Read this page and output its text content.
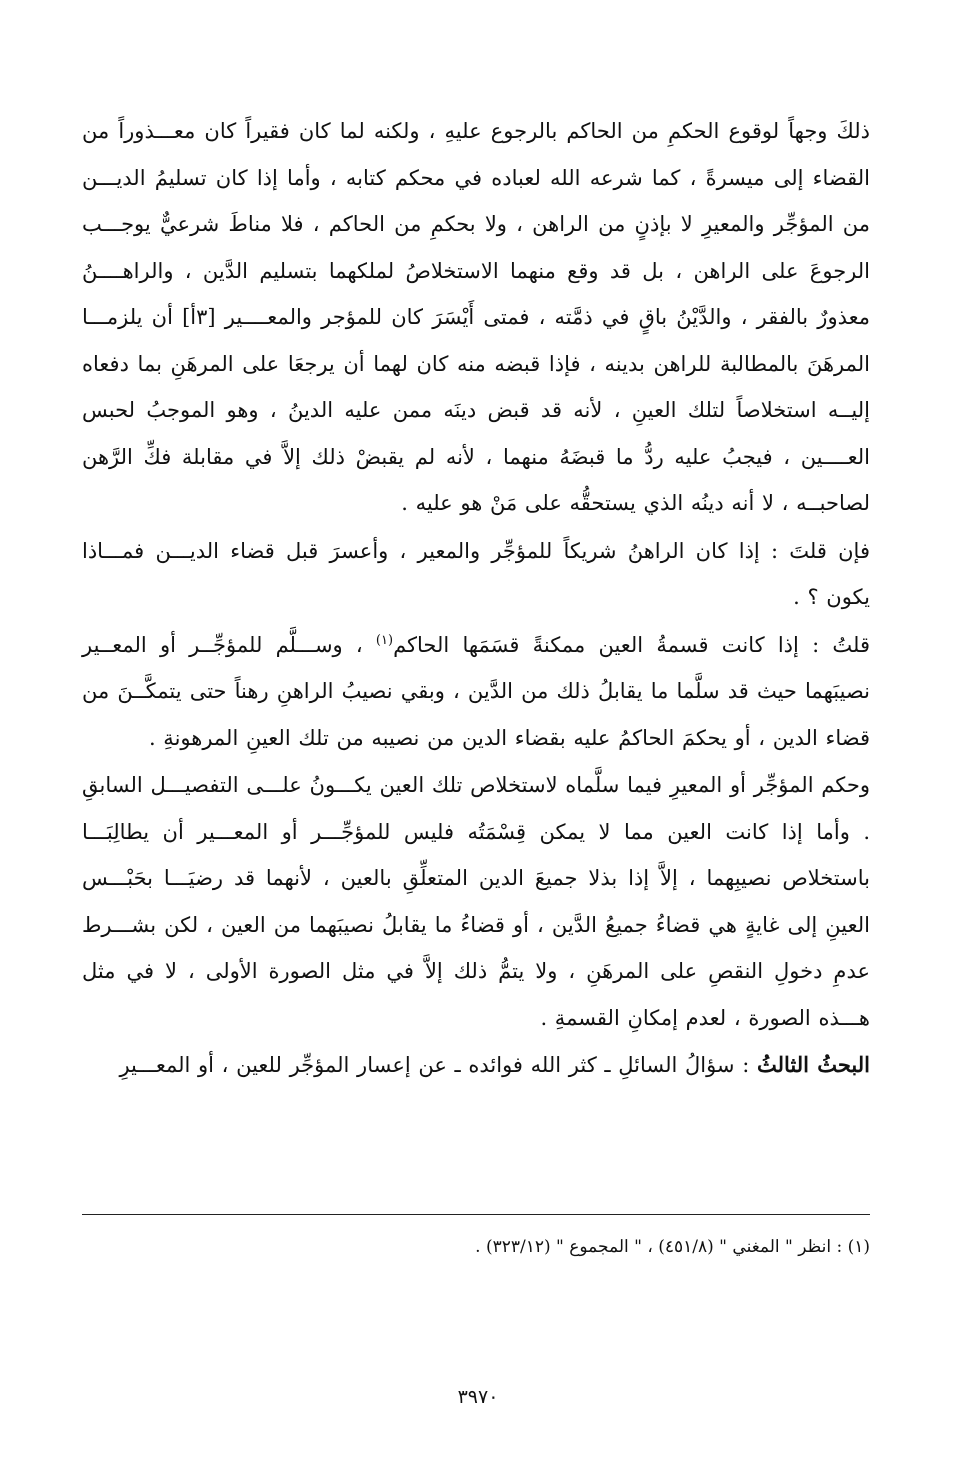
ذلكَ وجهاً لوقوع الحكمِ من الحاكم بالرجوع عليهِ ، ولكنه لما كان فقيراً كان معـــذوراً من القضاء إلى ميسرةً ، كما شرعه الله لعباده في محكم كتابه ، وأما إذا كان تسليمُ الديـــن من المؤجِّر والمعيرِ لا بإذنٍ من الراهن ، ولا بحكمِ من الحاكم ، فلا مناطَ شرعيٌّ يوجـــب الرجوعَ على الراهن ، بل قد وقع منهما الاستخلاصُ لملكهما بتسليم الدَّين ، والراهــــنُ معذورٌ بالفقر ، والدَّيْنُ باقٍ في ذمَّته ، فمتى أَيْسَرَ كان للمؤجر والمعــــير [٣أ] أن يلزمـــا المرهَنَ بالمطالبة للراهن بدينه ، فإذا قبضه منه كان لهما أن يرجعَا على المرهَنِ بما دفعاه إليــه استخلاصاً لتلك العينِ ، لأنه قد قبض دينَه ممن عليه الدينُ ، وهو الموجبُ لحبس العــــين ، فيجبُ عليه ردُّ ما قبضَهُ منهما ، لأنه لم يقبضْ ذلك إلاَّ في مقابلة فكِّ الرَّهن لصاحبــه ، لا أنه دينُه الذي يستحقُّه على مَنْ هو عليه .

فإن قلتَ : إذا كان الراهنُ شريكاً للمؤجِّر والمعير ، وأعسرَ قبل قضاء الديـــن فمـــاذا يكون ؟ .

قلتُ : إذا كانت قسمةُ العين ممكنةً قسَمَها الحاكم$^{(١)}$ ، وســـلَّم للمؤجِّــر أو المعــير نصيبَهما حيث قد سلَّما ما يقابلُ ذلك من الدَّين ، وبقي نصيبُ الراهنِ رهناً حتى يتمكَّــنَ من قضاء الدين ، أو يحكمَ الحاكمُ عليه بقضاء الدين من نصيبه من تلك العينِ المرهونةِ .

وحكم المؤجِّر أو المعيرِ فيما سلَّماه لاستخلاص تلك العين يكـــونُ علـــى التفصيـــل السابقِ . وأما إذا كانت العين مما لا يمكن قِسْمَتُه فليس للمؤجِّـــر أو المعـــير أن يطالِبَـــا باستخلاص نصيبِهما ، إلاَّ إذا بذلا جميعَ الدين المتعلِّقِ بالعين ، لأنهما قد رضيَـــا بحَبْـــس العينِ إلى غايةٍ هي قضاءُ جميعُ الدَّين ، أو قضاءُ ما يقابلُ نصيبَهما من العين ، لكن بشـــرط عدمِ دخولِ النقصِ على المرهَنِ ، ولا يتمُّ ذلك إلاَّ في مثل الصورة الأولى ، لا في مثل هـــذه الصورة ، لعدم إمكانِ القسمةِ .

البحثُ الثالثُ : سؤالُ السائلِ ـ كثر الله فوائده ـ عن إعسار المؤجِّر للعين ، أو المعـــيرِ

(١) : انظر " المغني " (٤٥١/٨) ، " المجموع " (٣٢٣/١٢) .

٣٩٧٠
